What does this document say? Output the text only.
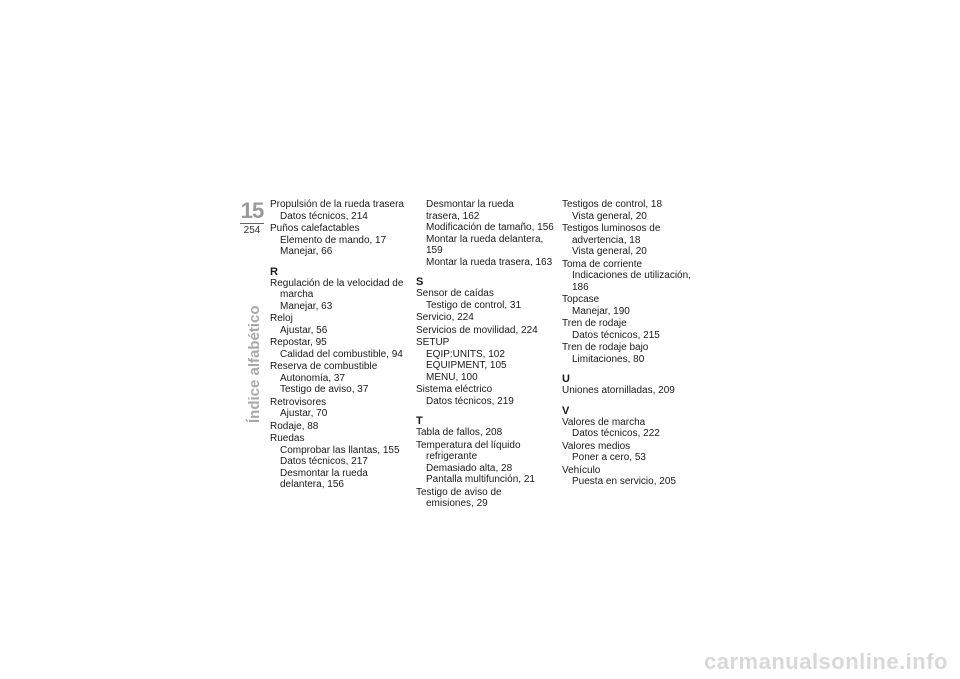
15
254
Índice alfabético
Propulsión de la rueda trasera
Datos técnicos, 214
Puños calefactables
Elemento de mando, 17
Manejar, 66
R
Regulación de la velocidad de
marcha
Manejar, 63
Reloj
Ajustar, 56
Repostar, 95
Calidad del combustible, 94
Reserva de combustible
Autonomía, 37
Testigo de aviso, 37
Retrovisores
Ajustar, 70
Rodaje, 88
Ruedas
Comprobar las llantas, 155
Datos técnicos, 217
Desmontar la rueda
delantera, 156
Desmontar la rueda
trasera, 162
Modificación de tamaño, 156
Montar la rueda delantera, 159
Montar la rueda trasera, 163
S
Sensor de caídas
Testigo de control, 31
Servicio, 224
Servicios de movilidad, 224
SETUP
EQIP:UNITS, 102
EQUIPMENT, 105
MENU, 100
Sistema eléctrico
Datos técnicos, 219
T
Tabla de fallos, 208
Temperatura del líquido
refrigerante
Demasiado alta, 28
Pantalla multifunción, 21
Testigo de aviso de
emisiones, 29
Testigos de control, 18
Vista general, 20
Testigos luminosos de
advertencia, 18
Vista general, 20
Toma de corriente
Indicaciones de utilización, 186
Topcase
Manejar, 190
Tren de rodaje
Datos técnicos, 215
Tren de rodaje bajo
Limitaciones, 80
U
Uniones atornilladas, 209
V
Valores de marcha
Datos técnicos, 222
Valores medios
Poner a cero, 53
Vehículo
Puesta en servicio, 205
carmanualsonline.info
